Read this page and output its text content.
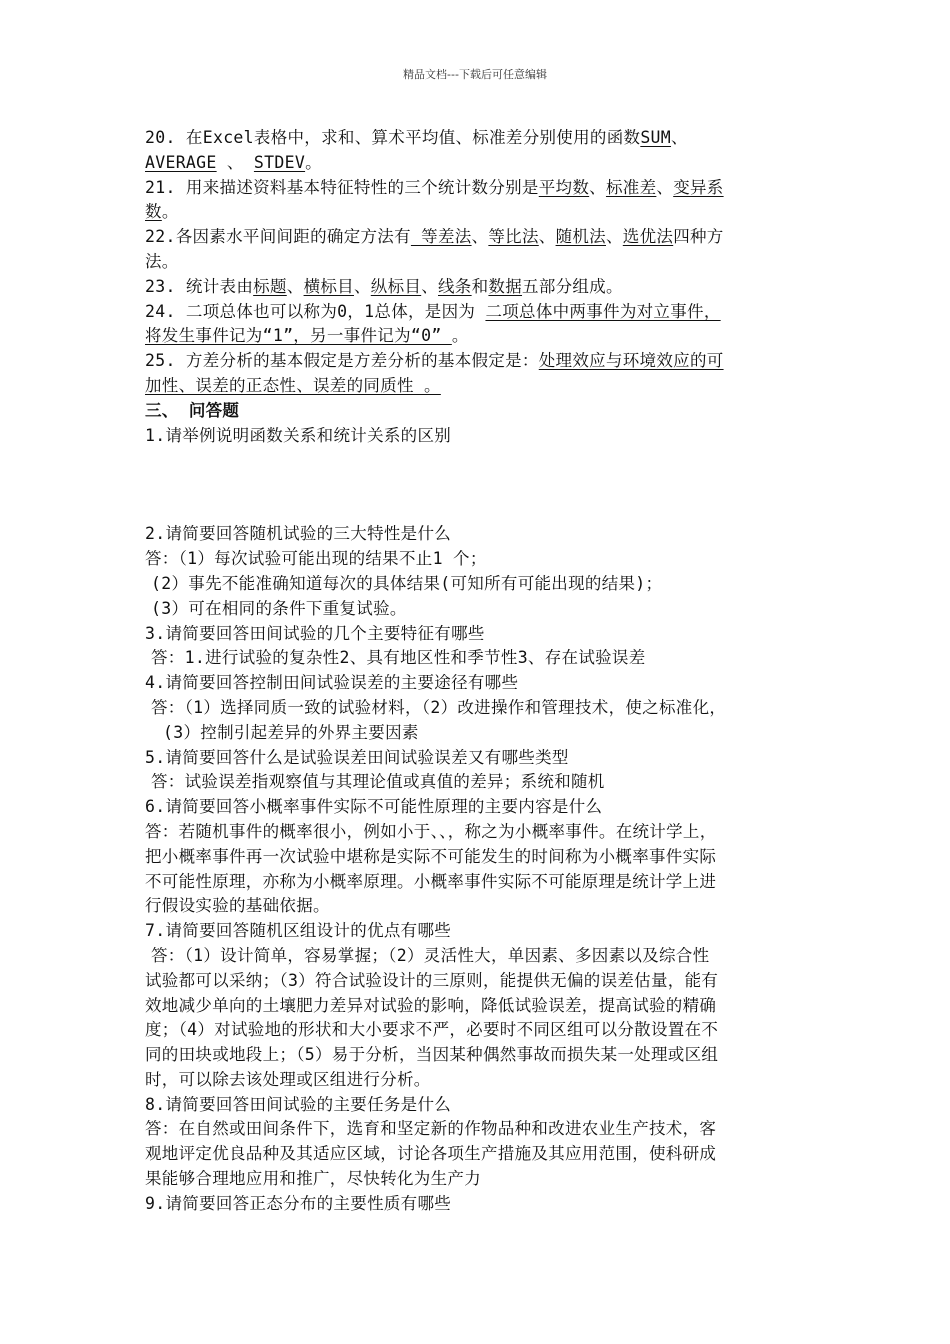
精品文档---下载后可任意编辑
20. 在Excel表格中，求和、算术平均值、标准差分别使用的函数SUM、
AVERAGE 、 STDEV。
21. 用来描述资料基本特征特性的三个统计数分别是平均数、标准差、变异系
数。
22.各因素水平间间距的确定方法有 等差法、等比法、随机法、选优法四种方
法。
23. 统计表由标题、横标目、纵标目、线条和数据五部分组成。
24. 二项总体也可以称为0，1总体，是因为 二项总体中两事件为对立事件，
将发生事件记为“1”，另一事件记为“0” 。
25. 方差分析的基本假定是方差分析的基本假定是：处理效应与环境效应的可
加性、误差的正态性、误差的同质性 。
三、 问答题
1.请举例说明函数关系和统计关系的区别
2.请简要回答随机试验的三大特性是什么
答：（1）每次试验可能出现的结果不止1 个；
(2）事先不能准确知道每次的具体结果(可知所有可能出现的结果)；
(3）可在相同的条件下重复试验。
3.请简要回答田间试验的几个主要特征有哪些
答：1.进行试验的复杂性2、具有地区性和季节性3、存在试验误差
4.请简要回答控制田间试验误差的主要途径有哪些
答：（1）选择同质一致的试验材料，（2）改进操作和管理技术，使之标准化，
(3）控制引起差异的外界主要因素
5.请简要回答什么是试验误差田间试验误差又有哪些类型
答：试验误差指观察值与其理论值或真值的差异；系统和随机
6.请简要回答小概率事件实际不可能性原理的主要内容是什么
答：若随机事件的概率很小，例如小于、、，称之为小概率事件。在统计学上，
把小概率事件再一次试验中堪称是实际不可能发生的时间称为小概率事件实际
不可能性原理，亦称为小概率原理。小概率事件实际不可能原理是统计学上进
行假设实验的基础依据。
7.请简要回答随机区组设计的优点有哪些
答：（1）设计简单，容易掌握；（2）灵活性大，单因素、多因素以及综合性
试验都可以采纳；（3）符合试验设计的三原则，能提供无偏的误差估量，能有
效地减少单向的土壤肥力差异对试验的影响，降低试验误差，提高试验的精确
度；（4）对试验地的形状和大小要求不严，必要时不同区组可以分散设置在不
同的田块或地段上；（5）易于分析，当因某种偶然事故而损失某一处理或区组
时，可以除去该处理或区组进行分析。
8.请简要回答田间试验的主要任务是什么
答：在自然或田间条件下，选育和坚定新的作物品种和改进农业生产技术，客
观地评定优良品种及其适应区域，讨论各项生产措施及其应用范围，使科研成
果能够合理地应用和推广，尽快转化为生产力
9.请简要回答正态分布的主要性质有哪些
